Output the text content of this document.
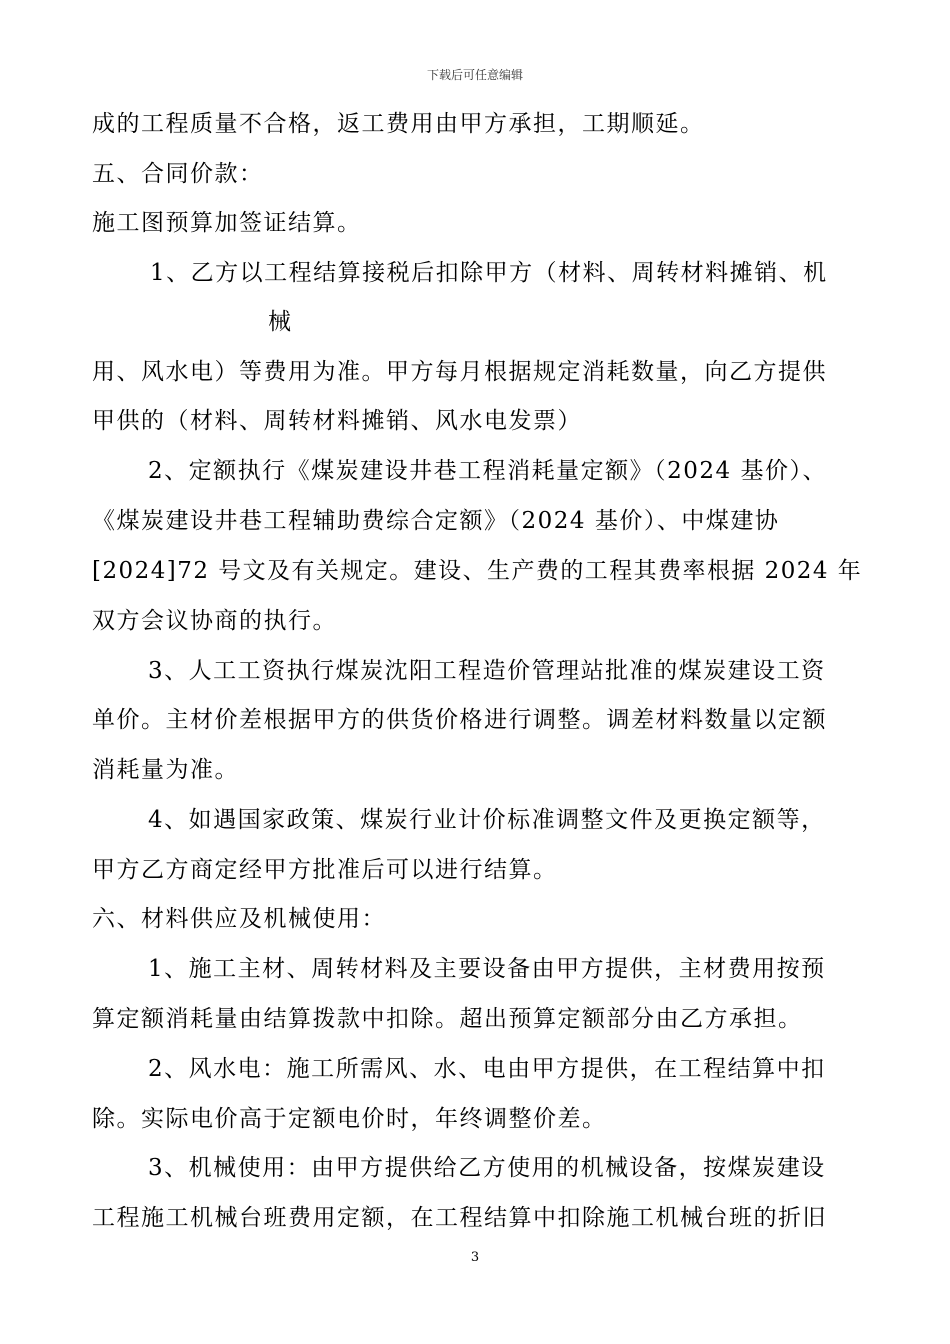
下载后可任意编辑
成的工程质量不合格，返工费用由甲方承担，工期顺延。
五、合同价款：
施工图预算加签证结算。
1、乙方以工程结算接税后扣除甲方（材料、周转材料摊销、机
械
用、风水电）等费用为准。甲方每月根据规定消耗数量，向乙方提供
甲供的（材料、周转材料摊销、风水电发票）
2、定额执行《煤炭建设井巷工程消耗量定额》（2024 基价）、
《煤炭建设井巷工程辅助费综合定额》（2024 基价）、中煤建协
[2024]72 号文及有关规定。建设、生产费的工程其费率根据 2024 年
双方会议协商的执行。
3、人工工资执行煤炭沈阳工程造价管理站批准的煤炭建设工资
单价。主材价差根据甲方的供货价格进行调整。调差材料数量以定额
消耗量为准。
4、如遇国家政策、煤炭行业计价标准调整文件及更换定额等，
甲方乙方商定经甲方批准后可以进行结算。
六、材料供应及机械使用：
1、施工主材、周转材料及主要设备由甲方提供，主材费用按预
算定额消耗量由结算拨款中扣除。超出预算定额部分由乙方承担。
2、风水电：施工所需风、水、电由甲方提供，在工程结算中扣
除。实际电价高于定额电价时，年终调整价差。
3、机械使用：由甲方提供给乙方使用的机械设备，按煤炭建设
工程施工机械台班费用定额，在工程结算中扣除施工机械台班的折旧
3
